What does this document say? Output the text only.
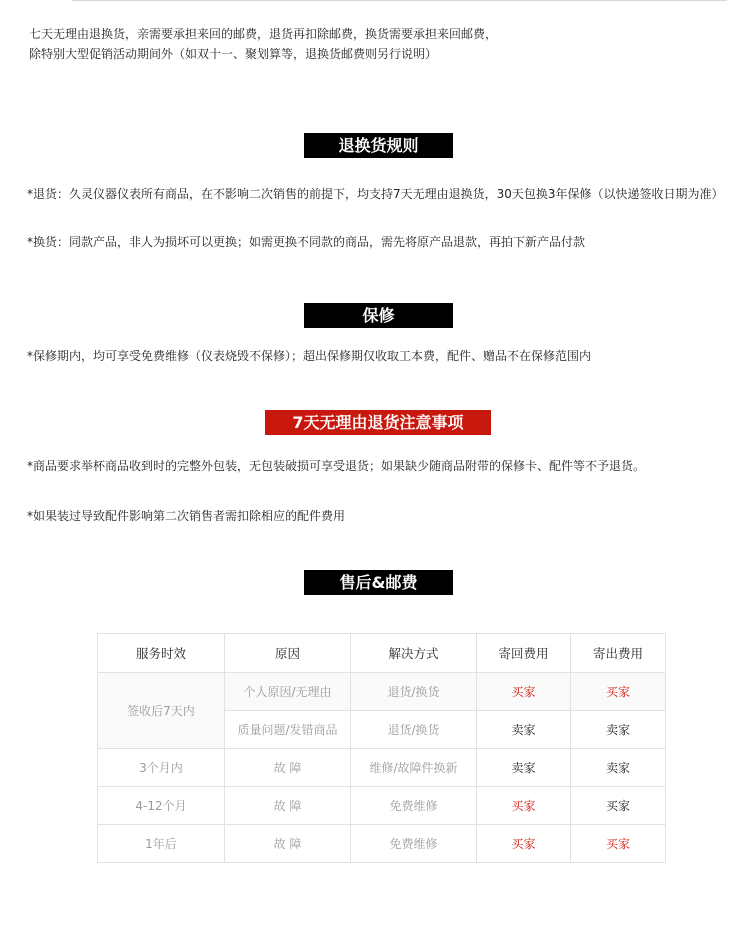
七天无理由退换货，亲需要承担来回的邮费，退货再扣除邮费，换货需要承担来回邮费，
除特别大型促销活动期间外（如双十一、聚划算等，退换货邮费则另行说明）
退换货规则
*退货：久灵仪器仪表所有商品，在不影响二次销售的前提下，均支持7天无理由退换货，30天包换3年保修（以快递签收日期为准）
*换货：同款产品，非人为损坏可以更换；如需更换不同款的商品，需先将原产品退款，再拍下新产品付款
保修
*保修期内，均可享受免费维修（仪表烧毁不保修）；超出保修期仅收取工本费，配件、赠品不在保修范围内
7天无理由退货注意事项
*商品要求举杯商品收到时的完整外包装，无包装破损可享受退货；如果缺少随商品附带的保修卡、配件等不予退货。
*如果装过导致配件影响第二次销售者需扣除相应的配件费用
售后&邮费
服务时效	原因	解决方式	寄回费用	寄出费用
签收后7天内	个人原因/无理由	退货/换货	买家	买家
	质量问题/发错商品	退货/换货	卖家	卖家
3个月内	故 障	维修/故障件换新	卖家	卖家
4-12个月	故 障	免费维修	买家	买家
1年后	故 障	免费维修	买家	买家
